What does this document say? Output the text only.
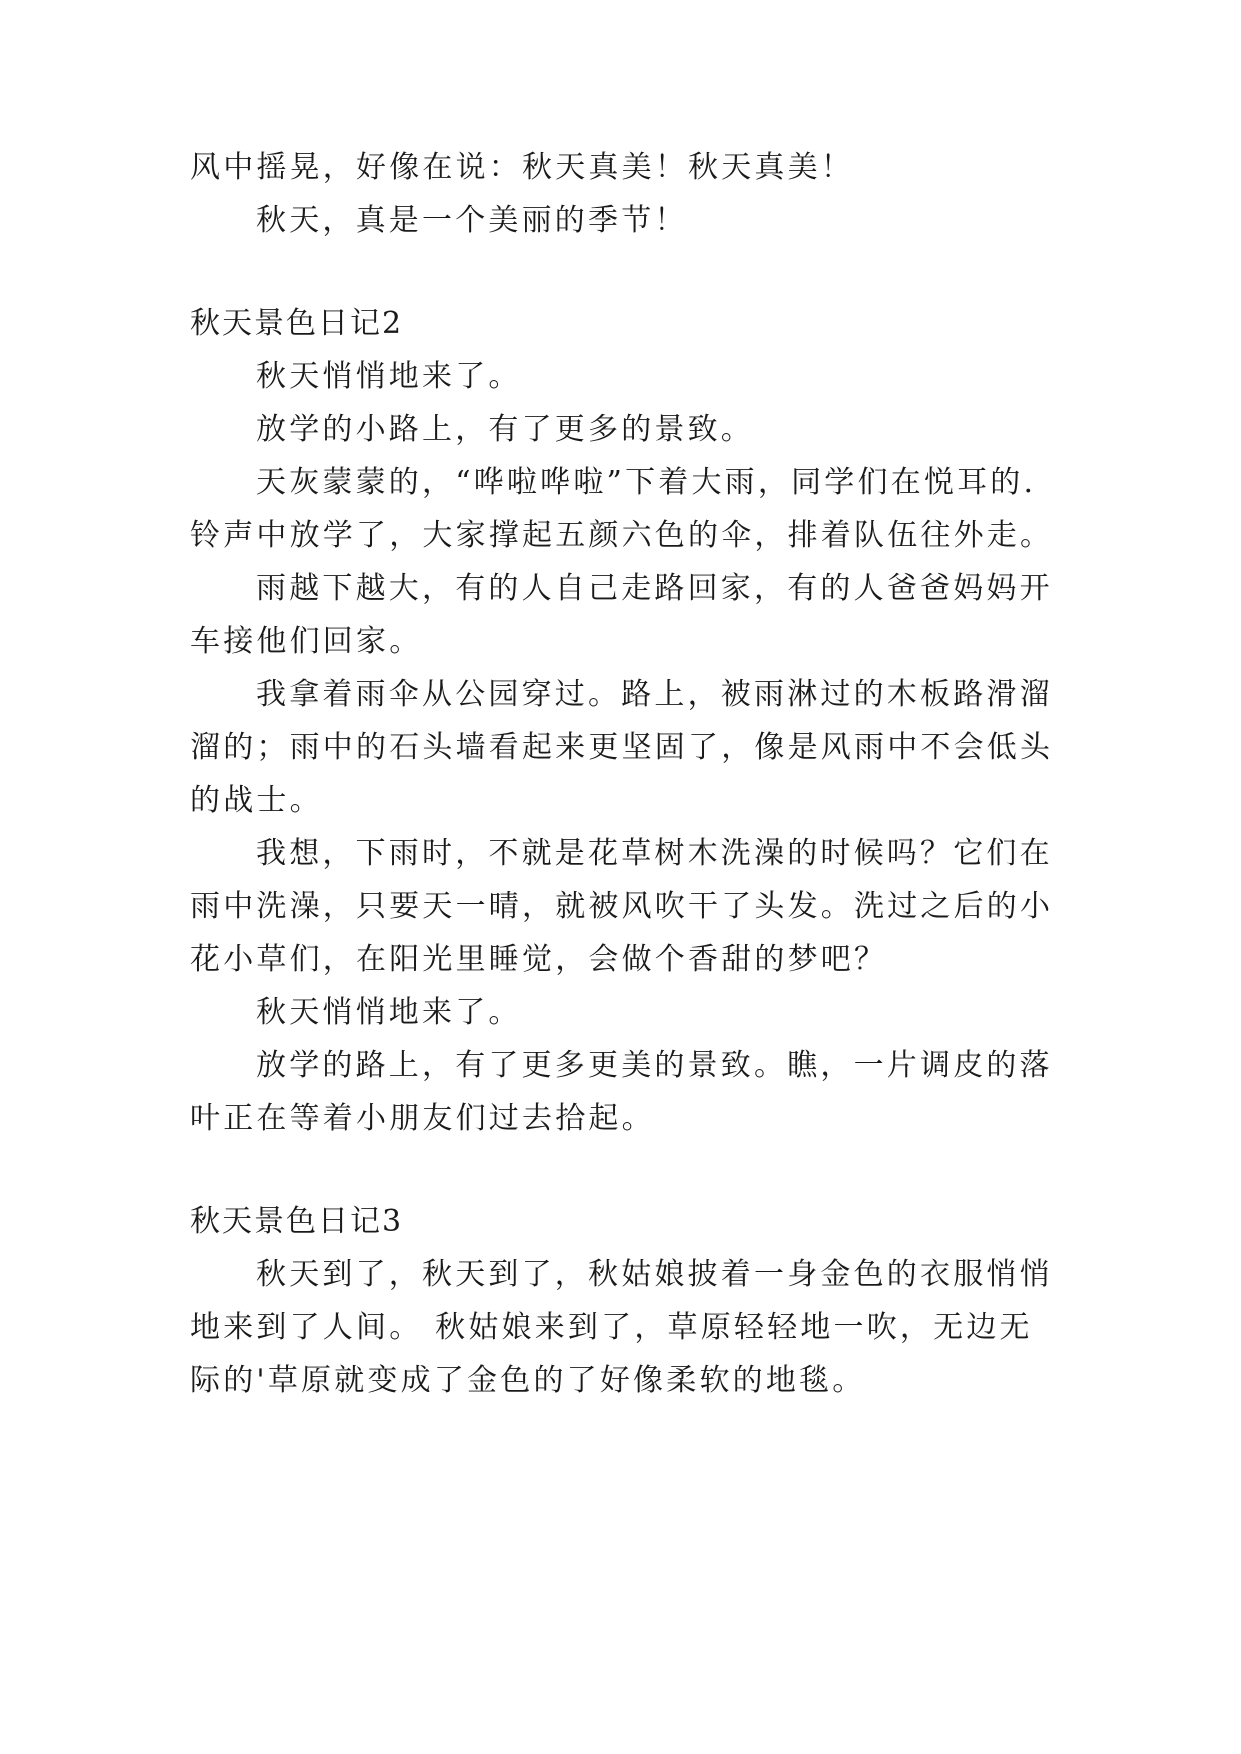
风中摇晃，好像在说：秋天真美！秋天真美！
秋天，真是一个美丽的季节！
秋天景色日记2
秋天悄悄地来了。
放学的小路上，有了更多的景致。
天灰蒙蒙的，“哗啦哗啦”下着大雨，同学们在悦耳的.
铃声中放学了，大家撑起五颜六色的伞，排着队伍往外走。
雨越下越大，有的人自己走路回家，有的人爸爸妈妈开
车接他们回家。
我拿着雨伞从公园穿过。路上，被雨淋过的木板路滑溜
溜的；雨中的石头墙看起来更坚固了，像是风雨中不会低头
的战士。
我想，下雨时，不就是花草树木洗澡的时候吗？它们在
雨中洗澡，只要天一晴，就被风吹干了头发。洗过之后的小
花小草们，在阳光里睡觉，会做个香甜的梦吧？
秋天悄悄地来了。
放学的路上，有了更多更美的景致。瞧，一片调皮的落
叶正在等着小朋友们过去拾起。
秋天景色日记3
秋天到了，秋天到了，秋姑娘披着一身金色的衣服悄悄
地来到了人间。 秋姑娘来到了，草原轻轻地一吹，无边无
际的'草原就变成了金色的了好像柔软的地毯。
